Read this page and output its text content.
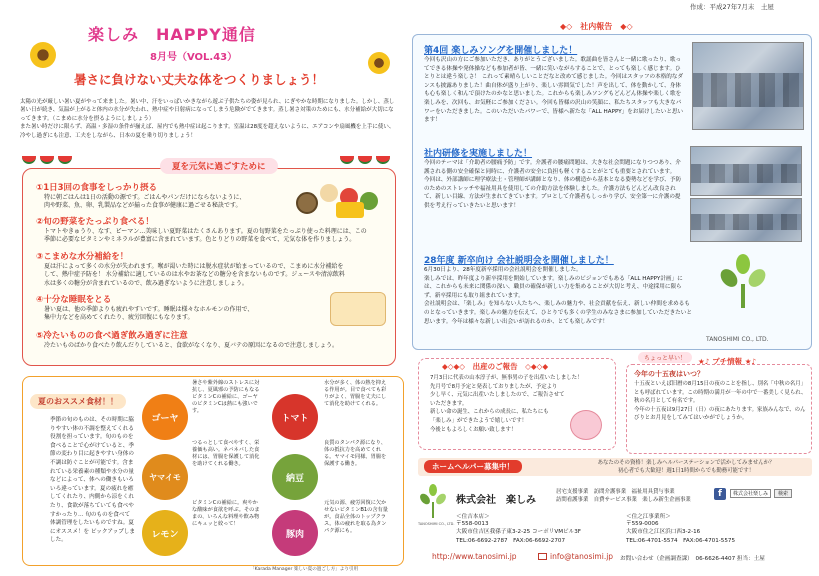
作成：平成27年7月末　土屋
楽しみ　HAPPY通信
8月号（VOL.43）
暑さに負けない丈夫な体をつくりましょう！
太陽の光が厳しい暑い夏がやって来ました。暑い中、汗をいっぱいかきながら遊ぶ子供たちの姿が見られ、にぎやかな時期になりました。しかし、蒸し暑い日が続き、気温が上がると体内の水分が失われ、熱中症や日射病になってしまう危険がでてきます。蒸し暑さ対策のためにも、水分補給が大切になってきます。（こまめに水分を摂るようにしましょう）
また暑い時だけに限らず、高温・多湿の条件が揃えば、屋内でも熱中症は起こります。室温は28度を超えないように、エアコンや扇風機を上手に使い、冷やし過ぎにも注意、工夫をしながら、日本の夏を乗り切りましょう！
夏を元気に過ごすために
①1日3回の食事をしっかり摂る
特に朝ごはんは1日の活動の源です。ごはんやパンだけにならないように、
肉や野菜、魚、卵、乳製品などが揃った食事が健康に過ごせる秘訣です。
②旬の野菜をたっぷり食べる！
トマトやきゅうり、なす、ピーマン…美味しい夏野菜はたくさんあります。夏の旬野菜をたっぷり使った料理には、この
季節に必要なビタミンやミネラルが豊富に含まれています。色とりどりの野菜を食べて、元気な体を作りましょう。
③こまめな水分補給を！
夏は汗によって多くの水分が失われます。喉が渇いた時には脱水症状が始まっているので、こまめに水分補給を
して、熱中症予防を！ 水分補給に適しているのは水やお茶などの糖分を含まないものです。ジュースや清涼飲料
水は多くの糖分が含まれているので、飲み過ぎないように注意しましょう。
④十分な睡眠をとる
暑い夏は、他の季節よりも疲れやすいです。睡眠は様々なホルモンの作用で、
集中力などを高めてくれたり、疲労回復にもなります。
⑤冷たいものの食べ過ぎ飲み過ぎに注意
冷たいものばかり食べたり飲んだりしていると、食欲がなくなり、夏バテの原因になるので注意しましょう。
夏のおススメ食材！！
季節の旬のものは、その時期に脇りやすい体の不調を整えてくれる役割を担っています。旬のものを食べることで心がけていると、季節の変わり目に起きやすい身体の不調は防ぐことが可能です。含まれている栄養素の種類や水分の量などによって、体への働きもいろいろ違っています。夏の疲れを癒してくれたり、内側から涼をくれたり、食欲が落ちていても食べやすかったり… 旬のものを食べて体調管理をしたいものですね。夏にオススメ！を ピックアップしました。
ゴーヤ
暑さや紫外線のストレスに対抗し、夏風邪の予防にもなるビタミンCの補給に、ゴーヤのビタミンCは熱にも強いです。
トマト
水分が多く、体の熱を抑える作用が。目で食べても彩りがよく、胃腸を丈夫にして消化を助けてくれる。
ヤマイモ
つるっとして食べやすく、栄養価も高い。ネバネバした食材には、胃腸を保護して消化を助けてくれる働き。
納豆
良質のタンパク源になり、体の抵抗力を高めてくれる。ヤマイモ同様、胃腸を保護する働き。
レモン
ビタミンCの補給に。爽やかな酸味が食欲を呼ぶ。そのままの、いろんな料理や飲み物にキュッと絞って！
豚肉
元気の源、疲労回復に欠かせないビタミンB1の含有量が。食品全体のトップクラス。体の疲れを取る為タンパク源にも。
「Karada Manager 楽しい夏の過ごし方」より引用
◆◇　社内報告　◆◇
第4回 楽しみソングを開催しました！
今回も沢山の方にご参加いただき、ありがとうございました。歌謡曲を皆さんと一緒に歌ったり、歌ってできる体操や発体操なども参加者が皆、一緒に笑いながらすることで、とっても楽しく感じます。ひとりとは違う楽しさ！ これって素晴らしいことだなと改めて感じました。今回はスタッフの本格的なダンスも披露ありました！曲自体が盛り上がり、楽しい雰囲気でした！声を出して、体を動かして、身体も心も楽しく和んで頂けたのかなと思いました。これからも楽しみソングもどんどん体操や楽しく歌を楽しみを、次回も、お気軽にご参加ください。今回も皆様の沢山の笑顔に、私たちスタッフも大きなパワーをいただきました。このいただいたパワーで、皆様へ新たな「ALL HAPPY」をお届けしたいと思います！
社内研修を実施しました！
今回のテーマは「介助者の腰痛予防」です。介護者の腰痛問題は、大きな社会問題になりつつあり、介護される側の安全確保と同時に、介護者の安全に負担も軽くすることがとても重要とされています。
今回は、外部講師に理学療法士・管理師が講師となり、体の構造から基本となる姿勢などを学び、予防のためのストレッチや福祉用具を使用しての介助方法を体験しました。介護方法もどんどん改良されて、新しい目線、方法が生まれてきています。プロとして介護者もしっかり学び、安全第一に介護の提供を考え行っていきたいと思います！
28年度 新卒向け 会社説明会を開催しました！
6月30日より、28年度新卒採用の会社説明会を開催しました。
楽しみでは、昨年度より新卒採用を開始しています。楽しみのビジョンでもある「ALL HAPPY計画」には、これからも未来に関係の深い、職員の確保が新しい力を集めることが大切と考え、中途採用に限らず、新卒採用にも取り組まれています。
会社説明会は、「楽しみ」を知らない人たちへ、楽しみの魅力や、社会貢献を伝え、新しい仲間を求めるものとなっていきます。楽しみの魅力を伝えて、ひとりでも多くの学生のみなさまに参加していただきたいと思います。今年は様々な新しい出会いが訪れるのか、とても楽しみです！
TANOSHIMI CO., LTD.
◆◇◆◇　出産のご報告　◇◆◇◆
7月3日に代表の山本淳子が、無事男の子を出産いたしました！
先月号で8月予定と発表しておりましたが、予定より
少し早く、元気に出産いたしましたので、ご報告させて
いただきます。
新しい命の誕生、これからの成長に、私たちにも
「楽しみ」ができたようで嬉しいです！
今後ともよろしくお願い致します！
ちょっと早い！	★♪ プチ情報 ★♪
今年の十五夜はいつ？
十五夜といえば旧暦の8月15日の夜のことを指し、別名「中秋の名月」とも呼ばれています。この時期の満月が一年の中で一番美しく見られ、秋の名月として有名です。
今年の十五夜は9月27日（日）の夜にあたります。家族みんなで、のんびりとお月見をしてみてはいかがでしょうか。
ホームヘルパー募集中！	あなたのその資格！楽しみヘルパーステーションで活かしてみませんか？
初心者でも大歓迎！週1日1時間からでも勤務可能です！
TANOSHIMI CO., LTD.
株式会社　楽しみ
居宅支援事業　訪問介護事業　福祉用具貸与事業
訪問看護事業　自費サービス事業　楽しみ新生企画事業
f	株式会社楽しみ	検索
＜住吉本店＞
〒558-0013
大阪市住吉区我孫子東3-2-25 コーポリVMビル3F
TEL:06-6692-2787　FAX:06-6692-2707
＜住之江事業所＞
〒559-0006
大阪市住之江区浜口西3-2-16
TEL:06-4701-5574　FAX:06-4701-5575
http://www.tanosimi.jp	info@tanosimi.jp お問い合わせ（企画調査課）　06-6626-4407 担当：土屋
